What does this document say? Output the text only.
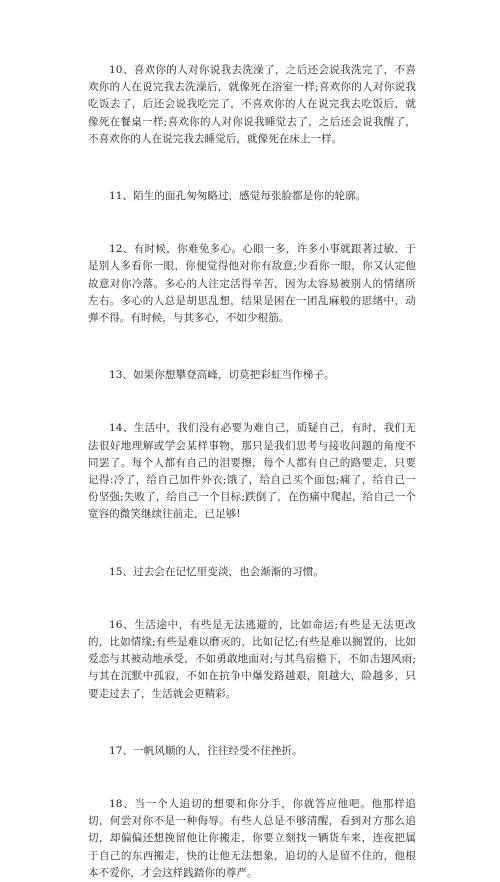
10、喜欢你的人对你说我去洗澡了，之后还会说我洗完了，不喜欢你的人在说完我去洗澡后，就像死在浴室一样;喜欢你的人对你说我吃饭去了，后还会说我吃完了，不喜欢你的人在说完我去吃饭后，就像死在餐桌一样;喜欢你的人对你说我睡觉去了，之后还会说我醒了，不喜欢你的人在说完我去睡觉后，就像死在床上一样。

11、陌生的面孔匆匆略过，感觉每张脸都是你的轮廓。

12、有时候，你难免多心。心眼一多，许多小事就跟著过敏，于是别人多看你一眼，你便觉得他对你有敌意;少看你一眼，你又认定他故意对你冷落。多心的人注定活得辛苦，因为太容易被别人的情绪所左右。多心的人总是胡思乱想，结果是困在一团乱麻般的思绪中，动弹不得。有时候，与其多心，不如少根筋。

13、如果你想攀登高峰，切莫把彩虹当作梯子。

14、生活中，我们没有必要为难自己，质疑自己，有时，我们无法很好地理解或学会某样事物，那只是我们思考与接收问题的角度不同罢了。每个人都有自己的泪要擦，每个人都有自己的路要走，只要记得:冷了，给自己加件外衣;饿了，给自己买个面包;痛了，给自己一份坚强;失败了，给自己一个目标;跌倒了，在伤痛中爬起，给自己一个宽容的微笑继续往前走，已足够!

15、过去会在记忆里变淡，也会渐渐的习惯。

16、生活途中，有些是无法逃避的，比如命运;有些是无法更改的，比如情缘;有些是难以磨灭的，比如记忆;有些是难以搁置的，比如爱恋与其被动地承受，不如勇敢地面对;与其鸟宿檐下，不如击翅风雨;与其在沉默中孤寂，不如在抗争中爆发路越艰，阻越大，险越多，只要走过去了，生活就会更精彩。

17、一帆风顺的人，往往经受不住挫折。

18、当一个人追切的想要和你分手，你就答应他吧。他那样追切，何尝对你不是一种侮辱。有些人总是不够清醒，看到对方那么追切，却偏偏还想挽留他让你搬走，你要立刻找一辆货车来，连夜把属于自己的东西搬走，快的让他无法想象，追切的人是留不住的，他根本不爱你，才会这样践踏你的尊严。
